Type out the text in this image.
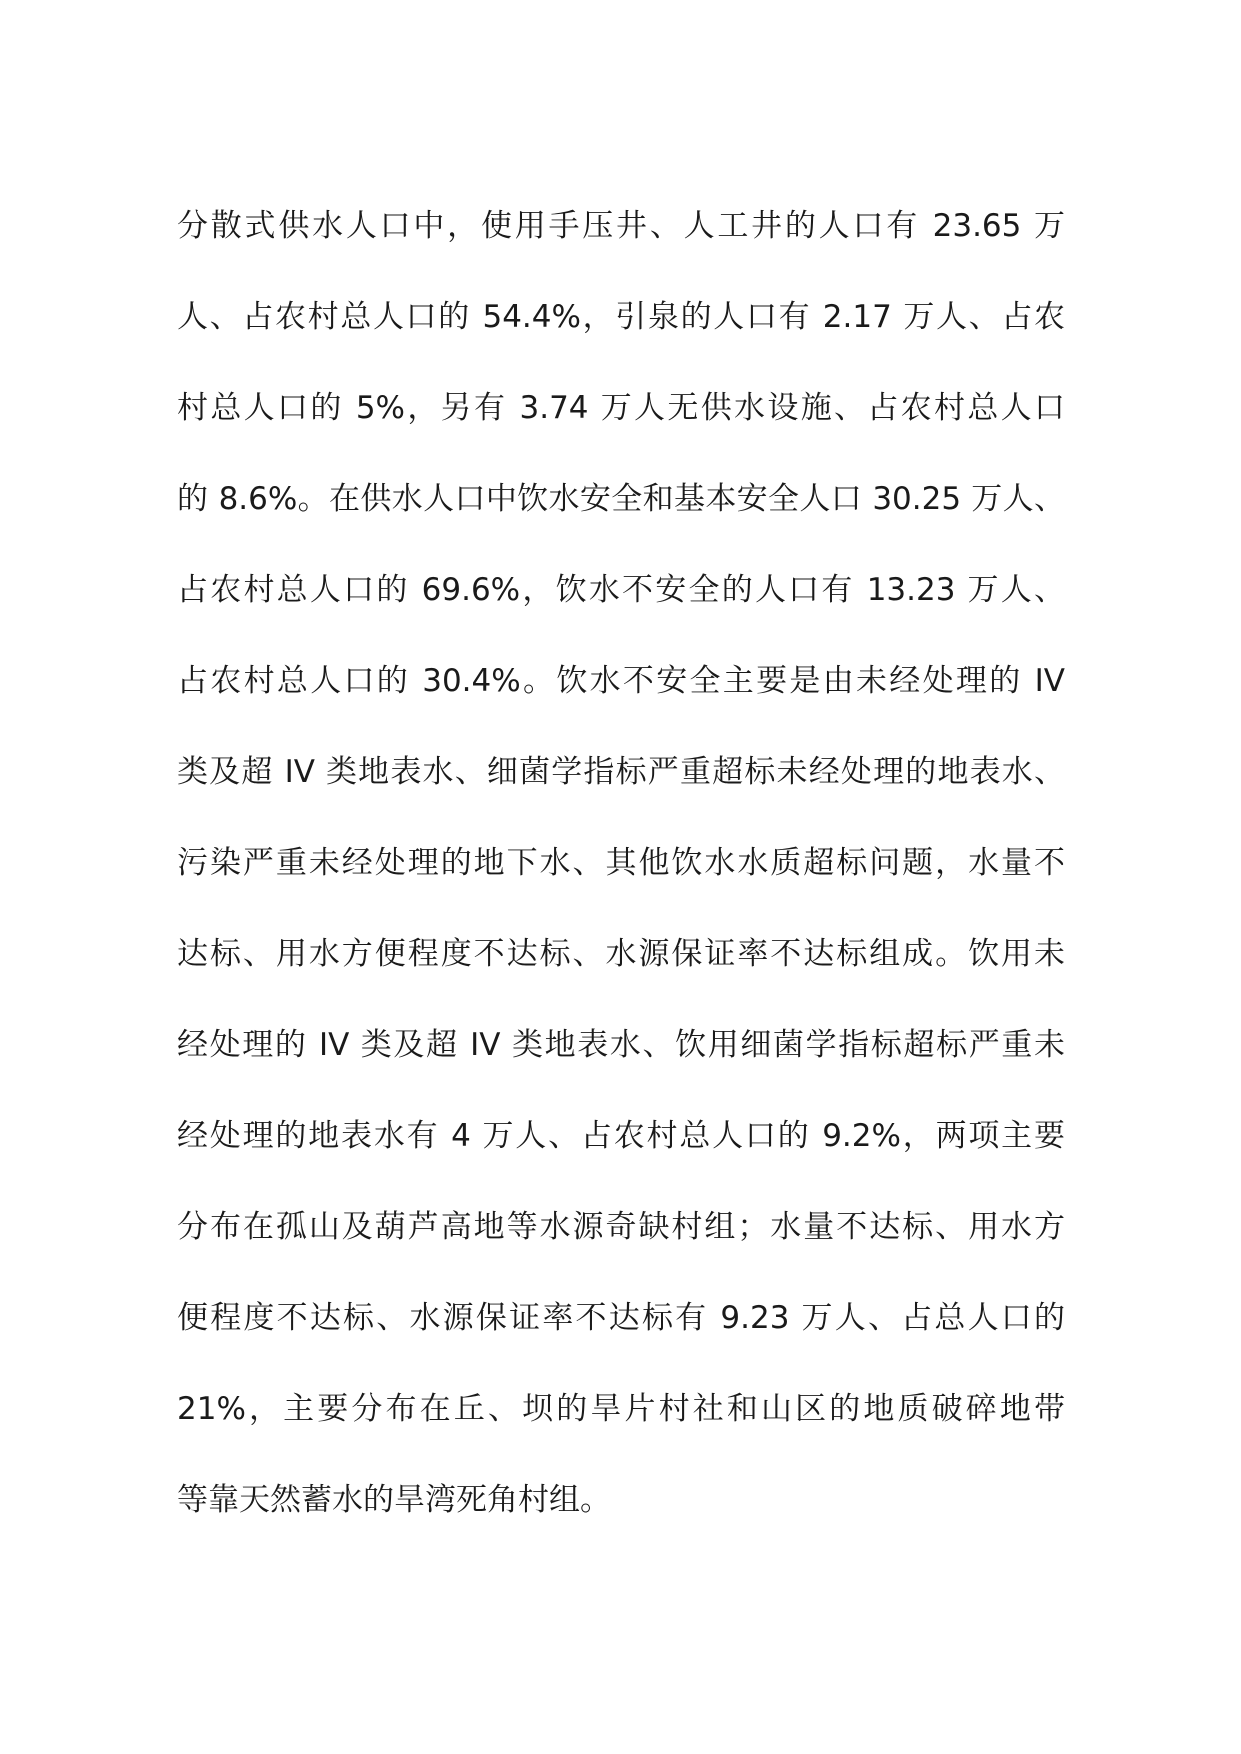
分散式供水人口中，使用手压井、人工井的人口有 23.65 万
人、占农村总人口的 54.4%，引泉的人口有 2.17 万人、占农
村总人口的 5%，另有 3.74 万人无供水设施、占农村总人口
的 8.6%。在供水人口中饮水安全和基本安全人口 30.25 万人、
占农村总人口的 69.6%，饮水不安全的人口有 13.23 万人、
占农村总人口的 30.4%。饮水不安全主要是由未经处理的 IV
类及超 IV 类地表水、细菌学指标严重超标未经处理的地表水、
污染严重未经处理的地下水、其他饮水水质超标问题，水量不
达标、用水方便程度不达标、水源保证率不达标组成。饮用未
经处理的 IV 类及超 IV 类地表水、饮用细菌学指标超标严重未
经处理的地表水有 4 万人、占农村总人口的 9.2%，两项主要
分布在孤山及葫芦高地等水源奇缺村组；水量不达标、用水方
便程度不达标、水源保证率不达标有 9.23 万人、占总人口的
21%，主要分布在丘、坝的旱片村社和山区的地质破碎地带
等靠天然蓄水的旱湾死角村组。
